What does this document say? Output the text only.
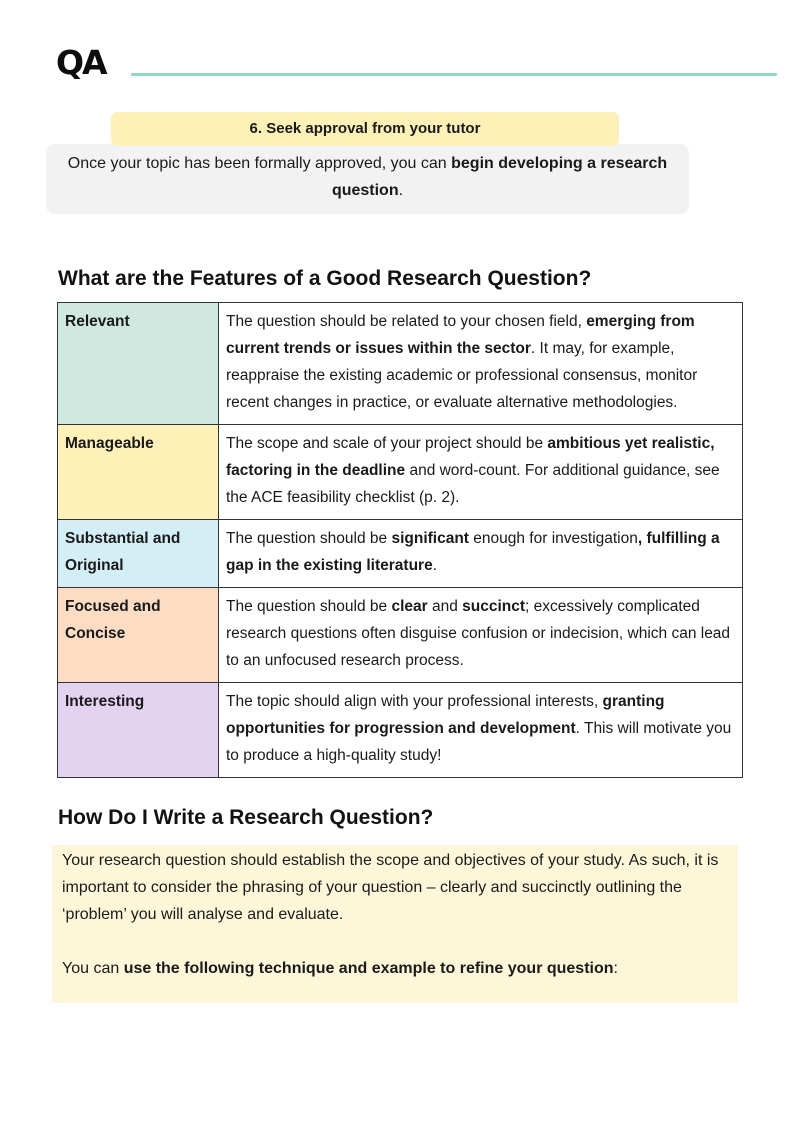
QA
6. Seek approval from your tutor
Once your topic has been formally approved, you can begin developing a research question.
What are the Features of a Good Research Question?
Relevant	The question should be related to your chosen field, emerging from current trends or issues within the sector. It may, for example, reappraise the existing academic or professional consensus, monitor recent changes in practice, or evaluate alternative methodologies.
Manageable	The scope and scale of your project should be ambitious yet realistic, factoring in the deadline and word-count. For additional guidance, see the ACE feasibility checklist (p. 2).
Substantial and Original	The question should be significant enough for investigation, fulfilling a gap in the existing literature.
Focused and Concise	The question should be clear and succinct; excessively complicated research questions often disguise confusion or indecision, which can lead to an unfocused research process.
Interesting	The topic should align with your professional interests, granting opportunities for progression and development. This will motivate you to produce a high-quality study!
How Do I Write a Research Question?

Your research question should establish the scope and objectives of your study. As such, it is important to consider the phrasing of your question – clearly and succinctly outlining the ‘problem’ you will analyse and evaluate.

You can use the following technique and example to refine your question:
